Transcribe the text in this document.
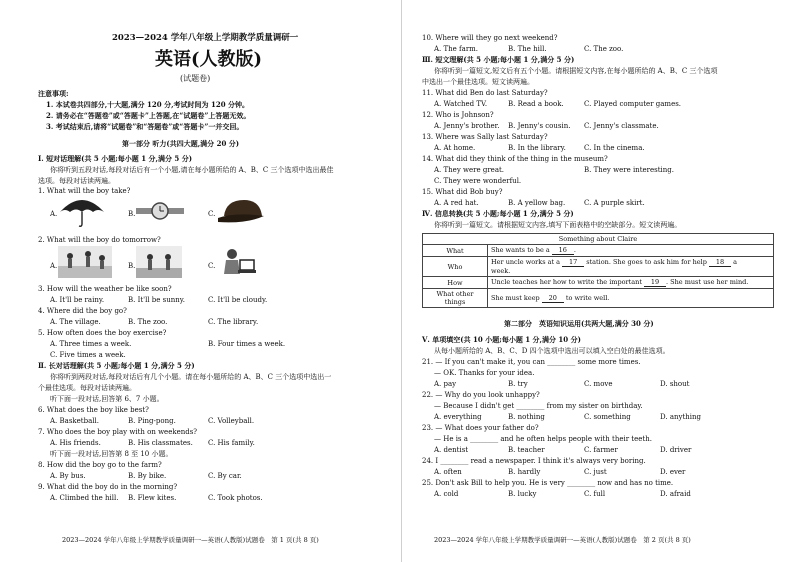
2023—2024 学年八年级上学期教学质量调研一
英语(人教版)
(试题卷)
注意事项:
1. 本试卷共四部分,十大题,满分 120 分,考试时间为 120 分钟。
2. 请务必在“答题卷”或“答题卡”上答题,在“试题卷”上答题无效。
3. 考试结束后,请将“试题卷”和“答题卷”或“答题卡”一并交回。
第一部分 听力(共四大题,满分 20 分)
Ⅰ. 短对话理解(共 5 小题;每小题 1 分,满分 5 分)
你将听到五段对话,每段对话后有一个小题,请在每小题所给的 A、B、C 三个选项中选出最佳
选项。每段对话读两遍。
1. What will the boy take?
A.	B.	C.
2. What will the boy do tomorrow?
A.	B.	C.
3. How will the weather be like soon?
A. It'll be rainy.	B. It'll be sunny.	C. It'll be cloudy.
4. Where did the boy go?
A. The village.	B. The zoo.	C. The library.
5. How often does the boy exercise?
A. Three times a week.	B. Four times a week.
C. Five times a week.
Ⅱ. 长对话理解(共 5 小题;每小题 1 分,满分 5 分)
你将听到两段对话,每段对话后有几个小题。请在每小题所给的 A、B、C 三个选项中选出一
个最佳选项。每段对话读两遍。
听下面一段对话,回答第 6、7 小题。
6. What does the boy like best?
A. Basketball.	B. Ping-pong.	C. Volleyball.
7. Who does the boy play with on weekends?
A. His friends.	B. His classmates. C. His family.
听下面一段对话,回答第 8 至 10 小题。
8. How did the boy go to the farm?
A. By bus.	B. By bike.	C. By car.
9. What did the boy do in the morning?
A. Climbed the hill. B. Flew kites.	C. Took photos.
2023—2024 学年八年级上学期教学质量调研一—英语(人教版)试题卷　第 1 页(共 8 页)
10. Where will they go next weekend?
A. The farm.	B. The hill.	C. The zoo.
Ⅲ. 短文理解(共 5 小题;每小题 1 分,满分 5 分)
你将听到一篇短文,短文后有五个小题。请根据短文内容,在每小题所给的 A、B、C 三个选项
中选出一个最佳选项。短文读两遍。
11. What did Ben do last Saturday?
A. Watched TV.	B. Read a book.	C. Played computer games.
12. Who is Johnson?
A. Jenny's brother. B. Jenny's cousin. C. Jenny's classmate.
13. Where was Sally last Saturday?
A. At home.	B. In the library.	C. In the cinema.
14. What did they think of the thing in the museum?
A. They were great.	B. They were interesting.
C. They were wonderful.
15. What did Bob buy?
A. A red hat.	B. A yellow bag.	C. A purple skirt.
Ⅳ. 信息转换(共 5 小题;每小题 1 分,满分 5 分)
你将听到一篇短文。请根据短文内容,填写下面表格中的空缺部分。短文读两遍。
Something about Claire	
What	She wants to be a 16 .
Who	Her uncle works at a 17 station. She goes to ask him for help 18 a
week.
How	Uncle teaches her how to write the important 19 . She must use her mind.
What other things	She must keep 20 to write well.
第二部分　英语知识运用(共两大题,满分 30 分)
Ⅴ. 单项填空(共 10 小题;每小题 1 分,满分 10 分)
从每小题所给的 A、B、C、D 四个选项中选出可以填入空白处的最佳选项。
21. — If you can't make it, you can ________ some more times.
— OK. Thanks for your idea.
A. pay	B. try	C. move	D. shout
22. — Why do you look unhappy?
— Because I didn't get ________ from my sister on birthday.
A. everything	B. nothing	C. something	D. anything
23. — What does your father do?
— He is a ________ and he often helps people with their teeth.
A. dentist	B. teacher	C. farmer	D. driver
24. I ________ read a newspaper. I think it's always very boring.
A. often	B. hardly	C. just	D. ever
25. Don't ask Bill to help you. He is very ________ now and has no time.
A. cold	B. lucky	C. full	D. afraid
2023—2024 学年八年级上学期教学质量调研一—英语(人教版)试题卷　第 2 页(共 8 页)
